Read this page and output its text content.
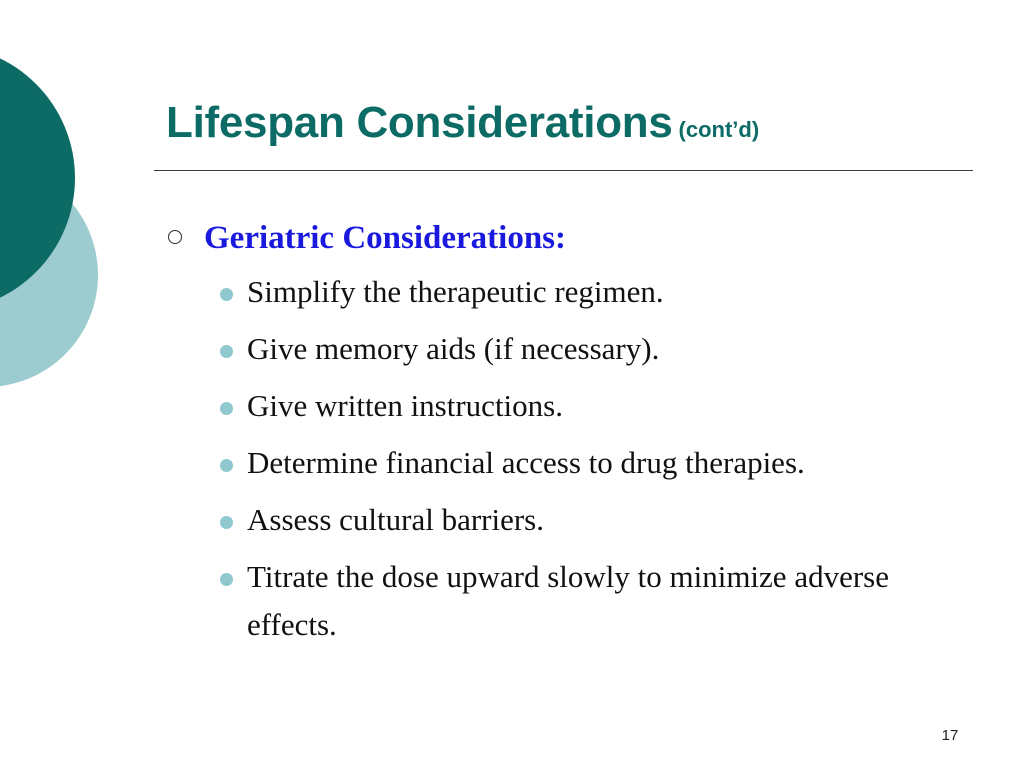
Lifespan Considerations (cont’d)
Geriatric Considerations:
Simplify the therapeutic regimen.
Give memory aids (if necessary).
Give written instructions.
Determine financial access to drug therapies.
Assess cultural barriers.
Titrate the dose upward slowly to minimize adverse effects.
17
